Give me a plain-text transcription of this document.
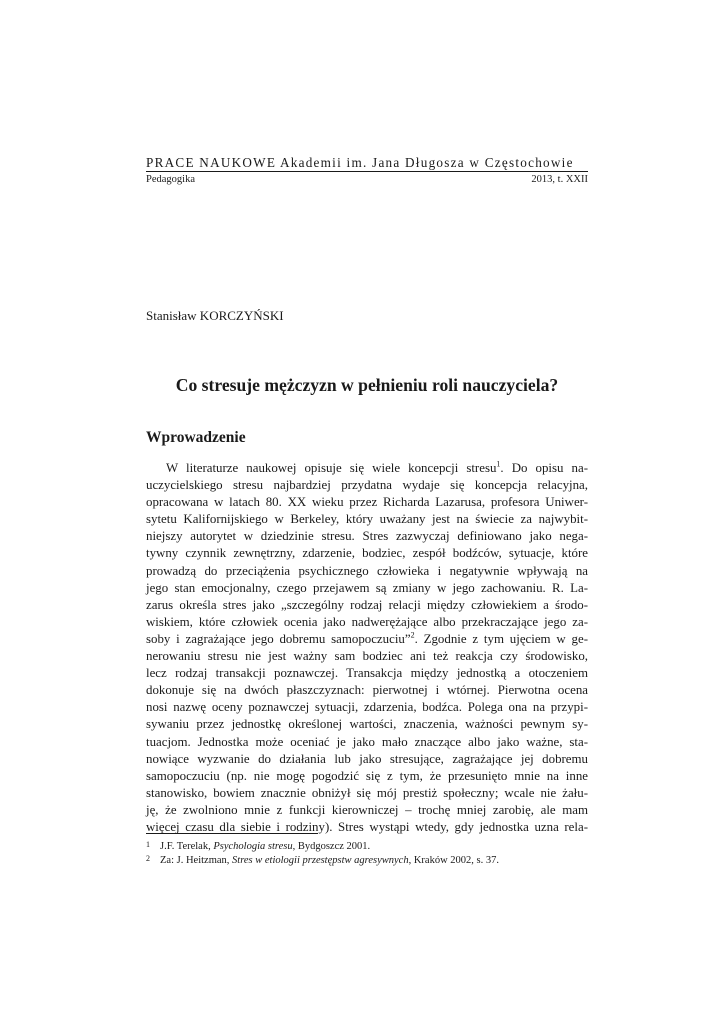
PRACE NAUKOWE Akademii im. Jana Długosza w Częstochowie
Pedagogika	2013, t. XXII
Stanisław KORCZYŃSKI
Co stresuje mężczyzn w pełnieniu roli nauczyciela?
Wprowadzenie
W literaturze naukowej opisuje się wiele koncepcji stresu$^1$. Do opisu na-
uczycielskiego stresu najbardziej przydatna wydaje się koncepcja relacyjna,
opracowana w latach 80. XX wieku przez Richarda Lazarusa, profesora Uniwer-
sytetu Kalifornijskiego w Berkeley, który uważany jest na świecie za najwybit-
niejszy autorytet w dziedzinie stresu. Stres zazwyczaj definiowano jako nega-
tywny czynnik zewnętrzny, zdarzenie, bodziec, zespół bodźców, sytuacje, które
prowadzą do przeciążenia psychicznego człowieka i negatywnie wpływają na
jego stan emocjonalny, czego przejawem są zmiany w jego zachowaniu. R. La-
zarus określa stres jako „szczególny rodzaj relacji między człowiekiem a środo-
wiskiem, które człowiek ocenia jako nadwerężające albo przekraczające jego za-
soby i zagrażające jego dobremu samopoczuciu”$^2$. Zgodnie z tym ujęciem w ge-
nerowaniu stresu nie jest ważny sam bodziec ani też reakcja czy środowisko,
lecz rodzaj transakcji poznawczej. Transakcja między jednostką a otoczeniem
dokonuje się na dwóch płaszczyznach: pierwotnej i wtórnej. Pierwotna ocena
nosi nazwę oceny poznawczej sytuacji, zdarzenia, bodźca. Polega ona na przypi-
sywaniu przez jednostkę określonej wartości, znaczenia, ważności pewnym sy-
tuacjom. Jednostka może oceniać je jako mało znaczące albo jako ważne, sta-
nowiące wyzwanie do działania lub jako stresujące, zagrażające jej dobremu
samopoczuciu (np. nie mogę pogodzić się z tym, że przesunięto mnie na inne
stanowisko, bowiem znacznie obniżył się mój prestiż społeczny; wcale nie żału-
ję, że zwolniono mnie z funkcji kierowniczej – trochę mniej zarobię, ale mam
więcej czasu dla siebie i rodziny). Stres wystąpi wtedy, gdy jednostka uzna rela-
1 J.F. Terelak, Psychologia stresu, Bydgoszcz 2001.
2 Za: J. Heitzman, Stres w etiologii przestępstw agresywnych, Kraków 2002, s. 37.
